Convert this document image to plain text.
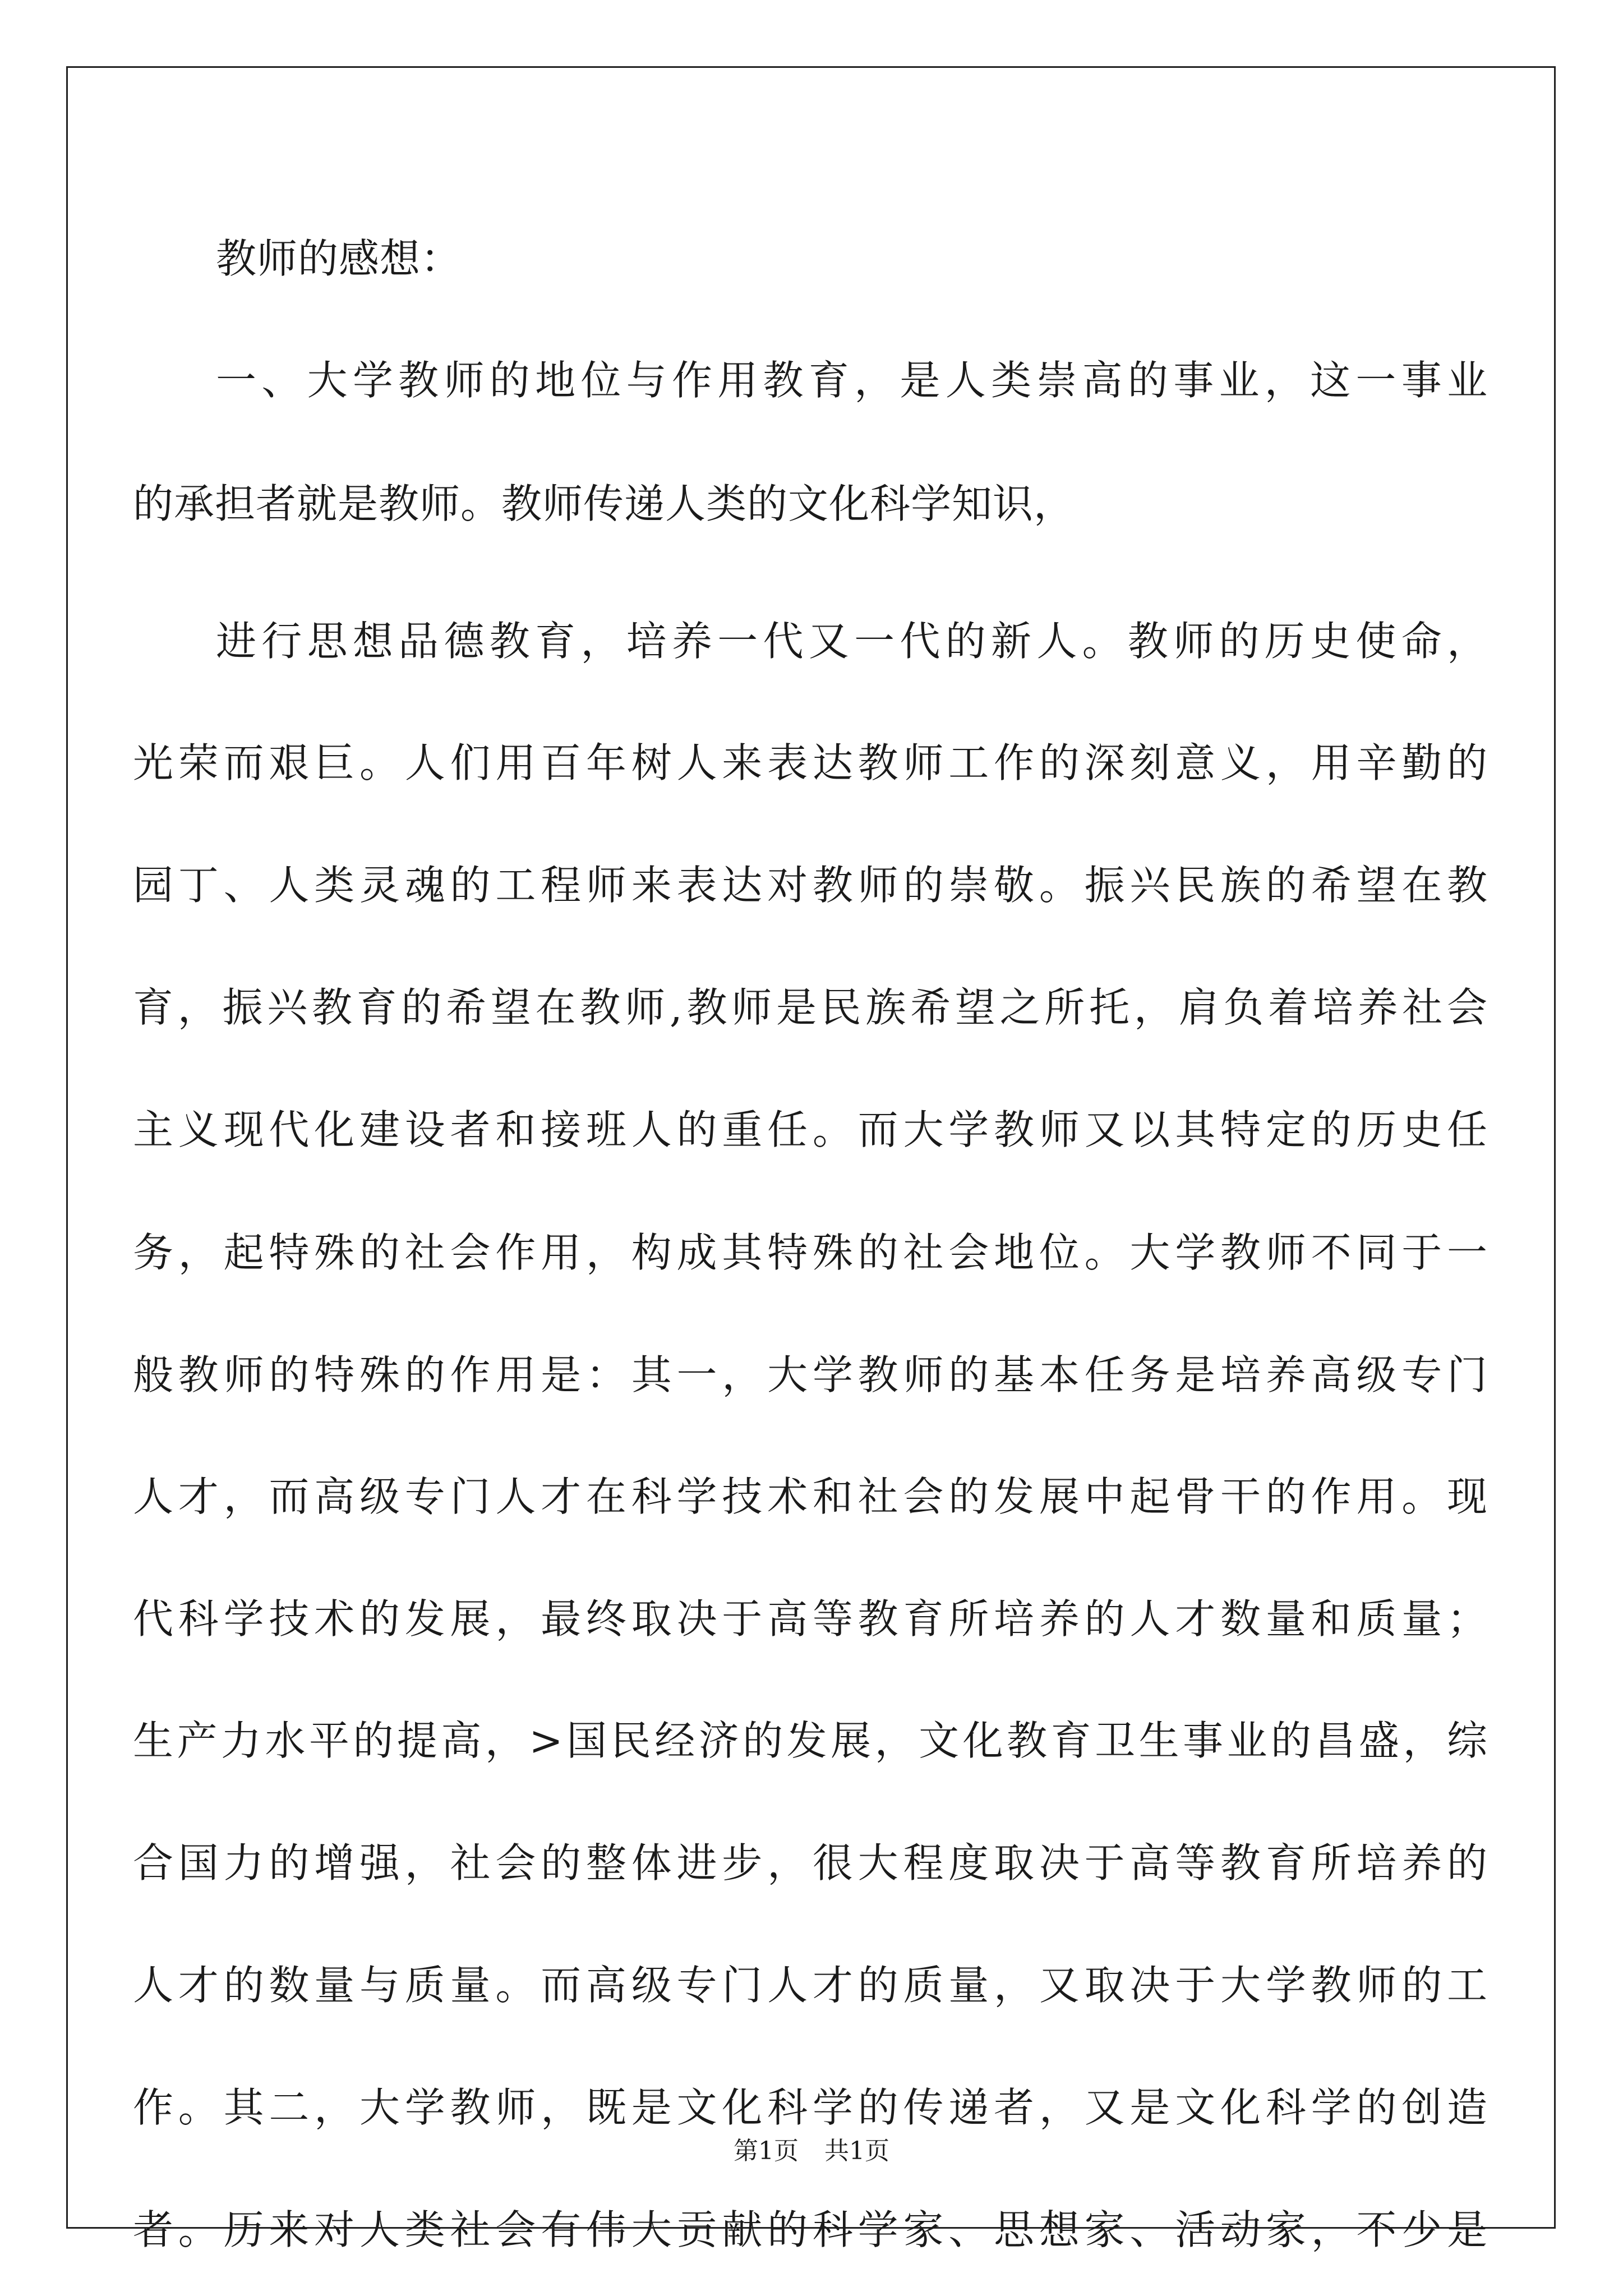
教师的感想：
一、大学教师的地位与作用教育，是人类崇高的事业，这一事业
的承担者就是教师。教师传递人类的文化科学知识，
进行思想品德教育，培养一代又一代的新人。教师的历史使命，
光荣而艰巨。人们用百年树人来表达教师工作的深刻意义，用辛勤的
园丁、人类灵魂的工程师来表达对教师的崇敬。振兴民族的希望在教
育，振兴教育的希望在教师,教师是民族希望之所托，肩负着培养社会
主义现代化建设者和接班人的重任。而大学教师又以其特定的历史任
务，起特殊的社会作用，构成其特殊的社会地位。大学教师不同于一
般教师的特殊的作用是：其一，大学教师的基本任务是培养高级专门
人才，而高级专门人才在科学技术和社会的发展中起骨干的作用。现
代科学技术的发展，最终取决于高等教育所培养的人才数量和质量；
生产力水平的提高，>国民经济的发展，文化教育卫生事业的昌盛，综
合国力的增强，社会的整体进步，很大程度取决于高等教育所培养的
人才的数量与质量。而高级专门人才的质量，又取决于大学教师的工
作。其二，大学教师，既是文化科学的传递者，又是文化科学的创造
者。历来对人类社会有伟大贡献的科学家、思想家、活动家，不少是
第1页 共1页
